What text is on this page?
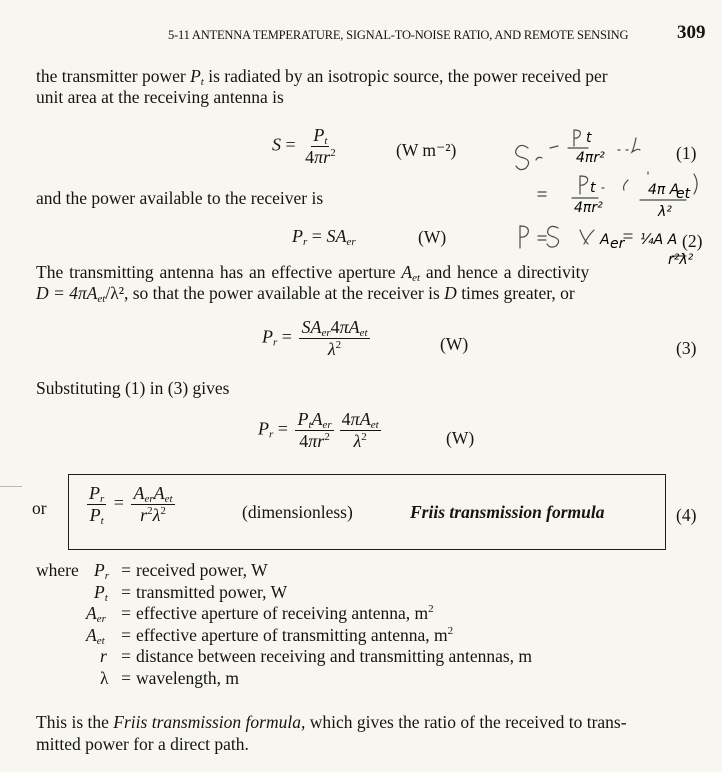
5-11 ANTENNA TEMPERATURE, SIGNAL-TO-NOISE RATIO, AND REMOTE SENSING	309
the transmitter power $P_t$ is radiated by an isotropic source, the power received per
unit area at the receiving antenna is
$S = \frac{P_t}{4\pi r^2}$	(W m⁻²)	(1)
and the power available to the receiver is
$P_r = SA_{er}$	(W)	(2)
t
4πr²
t
4πr²
4π A
et
λ²
A er ¼A A
r²λ²
The transmitting antenna has an effective aperture $A_{et}$ and hence a directivity
$D = 4\pi A_{et}/\lambda^2$, so that the power available at the receiver is D times greater, or
$P_r = \frac{SA_{er}4\pi A_{et}}{\lambda^2}$	(W)	(3)
Substituting (1) in (3) gives
$P_r = \frac{P_tA_{er}}{4\pi r^2} \frac{4\pi A_{et}}{\lambda^2}$	(W)
or $\frac{P_r}{P_t} = \frac{A_{er}A_{et}}{r^2\lambda^2}$	(dimensionless)	Friis transmission formula	(4)
where $P_r$ = received power, W
$P_t$ = transmitted power, W
$A_{er}$ = effective aperture of receiving antenna, $m^2$
$A_{et}$ = effective aperture of transmitting antenna, $m^2$
r = distance between receiving and transmitting antennas, m
λ = wavelength, m
This is the Friis transmission formula, which gives the ratio of the received to trans-
mitted power for a direct path.
